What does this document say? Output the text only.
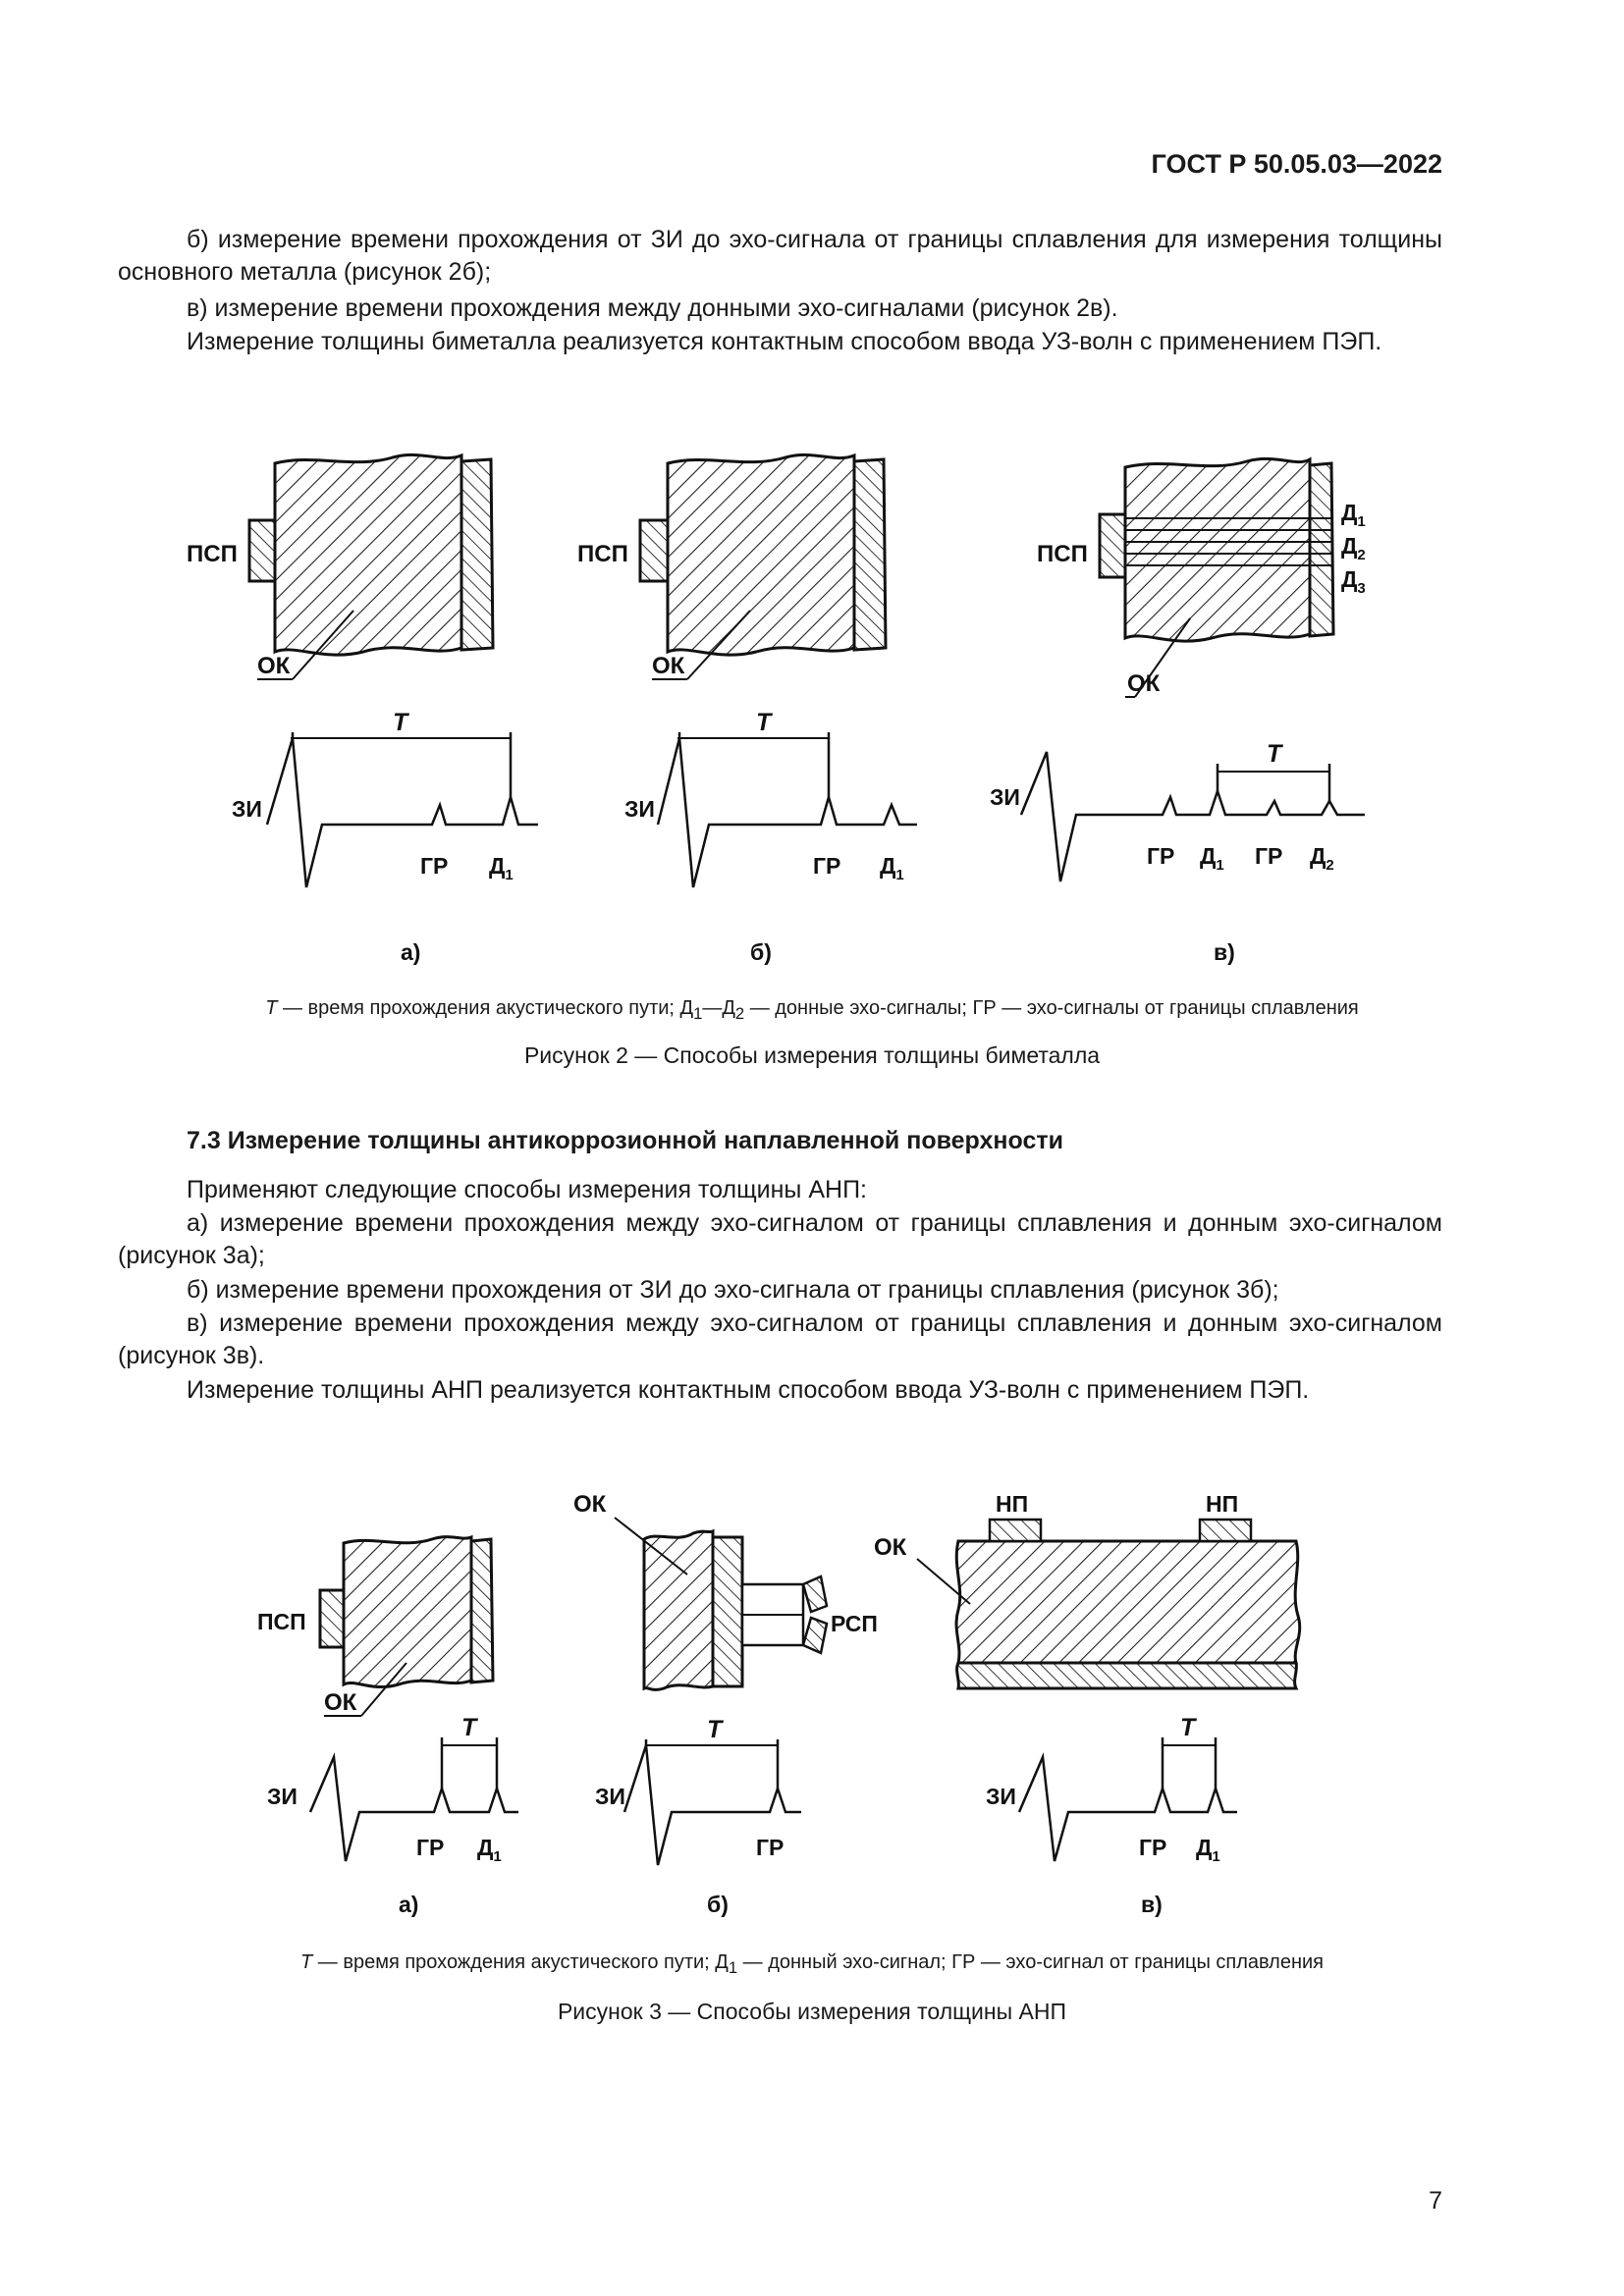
ГОСТ Р 50.05.03—2022
б) измерение времени прохождения от ЗИ до эхо-сигнала от границы сплавления для измерения толщины основного металла (рисунок 2б);
в) измерение времени прохождения между донными эхо-сигналами (рисунок 2в).
Измерение толщины биметалла реализуется контактным способом ввода УЗ-волн с применением ПЭП.
ПСП
ОК
T
ЗИ
ГР $Д_1$
а)
ПСП
ОК
T
ЗИ
ГР $Д_1$
б)
ПСП
ОК
$Д_1$
$Д_2$
$Д_3$
T
ЗИ
ГР $Д_1$ ГР $Д_2$
в)
T — время прохождения акустического пути; $Д_1—Д_2$ — донные эхо-сигналы; ГР — эхо-сигналы от границы сплавления
Рисунок 2 — Способы измерения толщины биметалла
7.3 Измерение толщины антикоррозионной наплавленной поверхности
Применяют следующие способы измерения толщины АНП:
а) измерение времени прохождения между эхо-сигналом от границы сплавления и донным эхо-сигналом (рисунок 3а);
б) измерение времени прохождения от ЗИ до эхо-сигнала от границы сплавления (рисунок 3б);
в) измерение времени прохождения между эхо-сигналом от границы сплавления и донным эхо-сигналом (рисунок 3в).
Измерение толщины АНП реализуется контактным способом ввода УЗ-волн с применением ПЭП.
ПСП
ОК
T
ЗИ
ГР $Д_1$
а)
ОК
РСП
T
ЗИ
ГР
б)
НП	НП
ОК
T
ЗИ
ГР $Д_1$
в)
T — время прохождения акустического пути; $Д_1$ — донный эхо-сигнал; ГР — эхо-сигнал от границы сплавления
Рисунок 3 — Способы измерения толщины АНП
7
